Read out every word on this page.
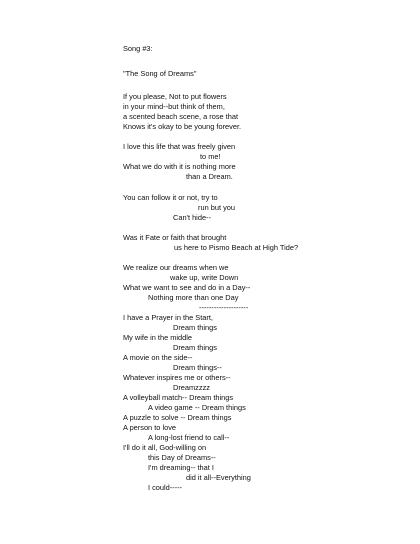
Song #3:
"The Song of Dreams"
If you please, Not to put flowers
in your mind--but think of them,
a scented beach scene, a rose that
Knows it's okay to be young forever.
I love this life that was freely given
to me!
What we do with it is nothing more
than a Dream.
You can follow it or not, try to
run but you
Can't hide--
Was it Fate or faith that brought
us here to Pismo Beach at High Tide?
We realize our dreams when we
wake up, write Down
What we want to see and do in a Day--
Nothing more than one Day
--------------------
I have a Prayer in the Start,
Dream things
My wife in the middle
Dream things
A movie on the side--
Dream things--
Whatever inspires me or others--
Dreamzzzz
A volleyball match-- Dream things
A video game -- Dream things
A puzzle to solve -- Dream things
A person to love
A long-lost friend to call--
I'll do it all, God-willing on
this Day of Dreams--
I'm dreaming-- that I
did it all--Everything
I could-----
